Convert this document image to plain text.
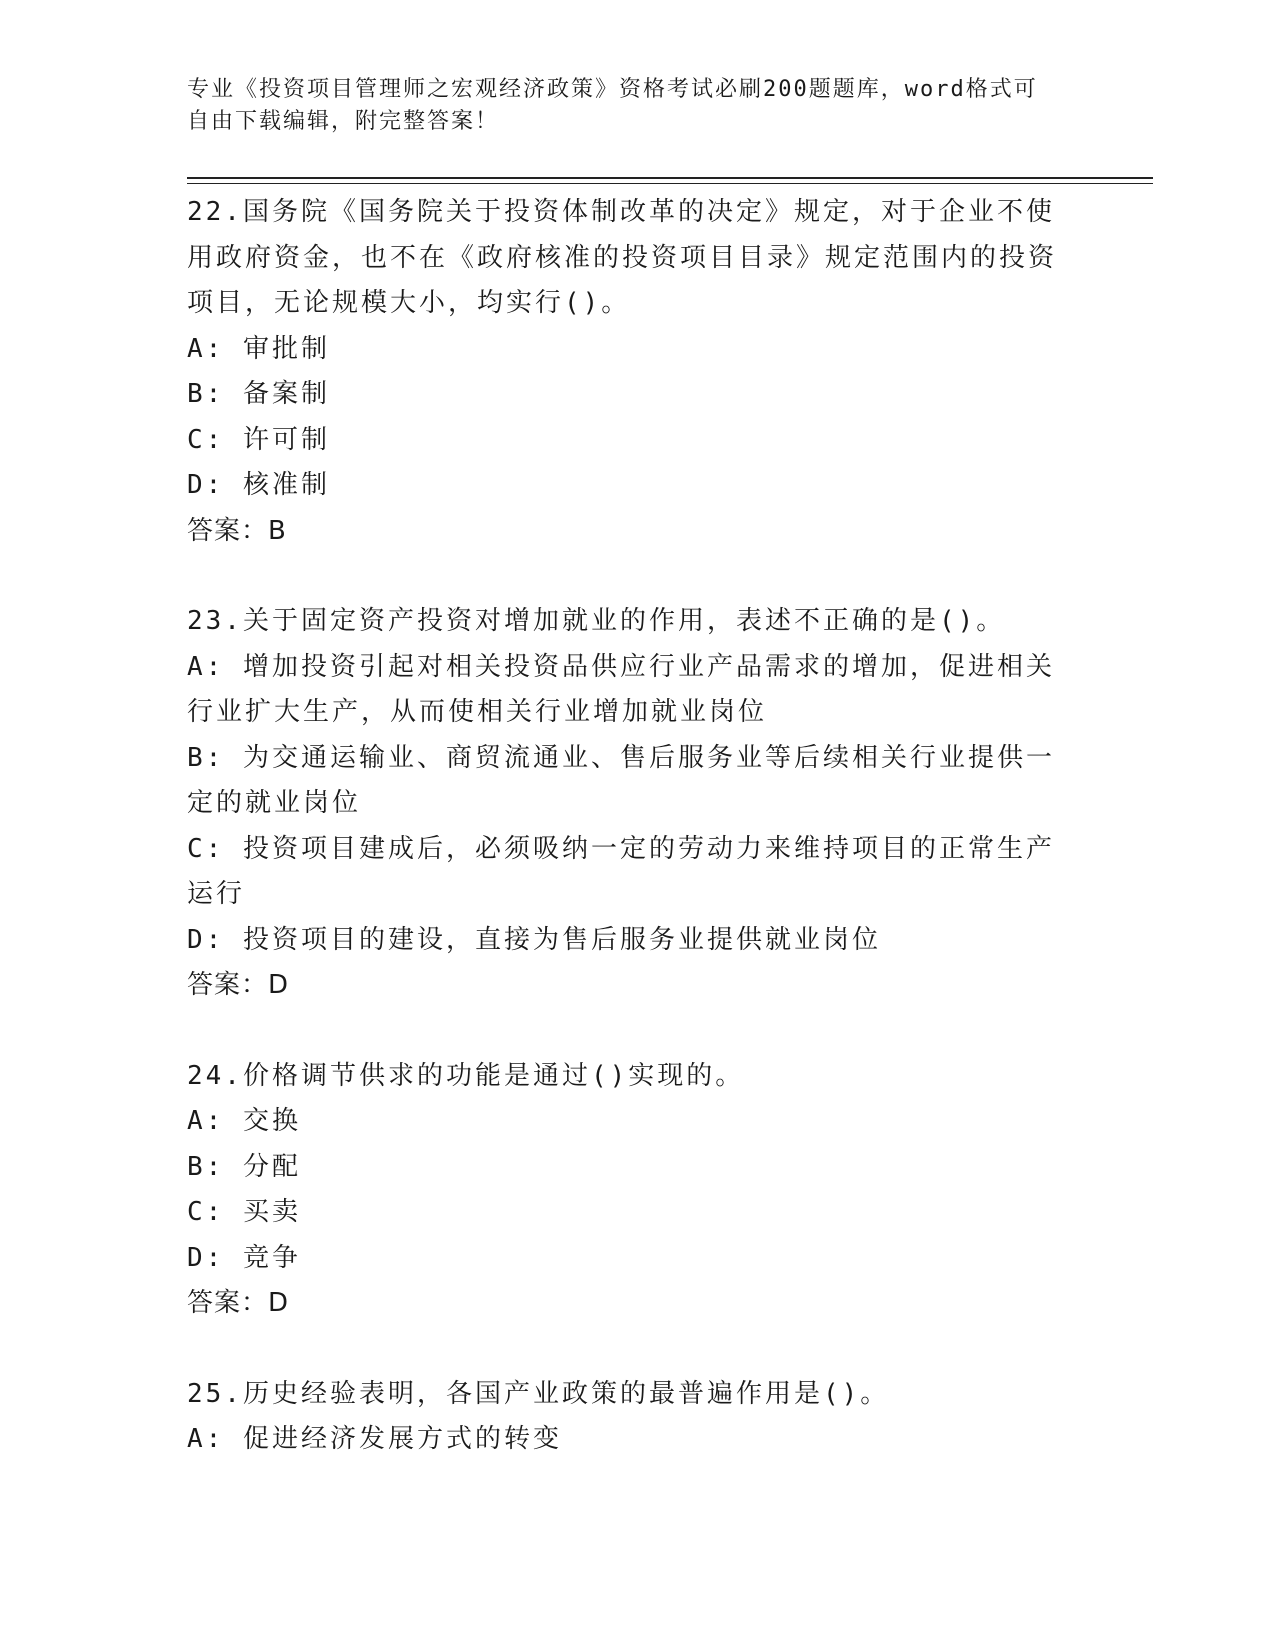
专业《投资项目管理师之宏观经济政策》资格考试必刷200题题库，word格式可
自由下载编辑，附完整答案！

22.国务院《国务院关于投资体制改革的决定》规定，对于企业不使用政府资金，也不在《政府核准的投资项目目录》规定范围内的投资项目，无论规模大小，均实行()。

A: 审批制

B: 备案制

C: 许可制

D: 核准制

答案：B

23.关于固定资产投资对增加就业的作用，表述不正确的是()。

A: 增加投资引起对相关投资品供应行业产品需求的增加，促进相关行业扩大生产，从而使相关行业增加就业岗位

B: 为交通运输业、商贸流通业、售后服务业等后续相关行业提供一定的就业岗位

C: 投资项目建成后，必须吸纳一定的劳动力来维持项目的正常生产运行

D: 投资项目的建设，直接为售后服务业提供就业岗位

答案：D

24.价格调节供求的功能是通过()实现的。

A: 交换

B: 分配

C: 买卖

D: 竞争

答案：D

25.历史经验表明，各国产业政策的最普遍作用是()。

A: 促进经济发展方式的转变
